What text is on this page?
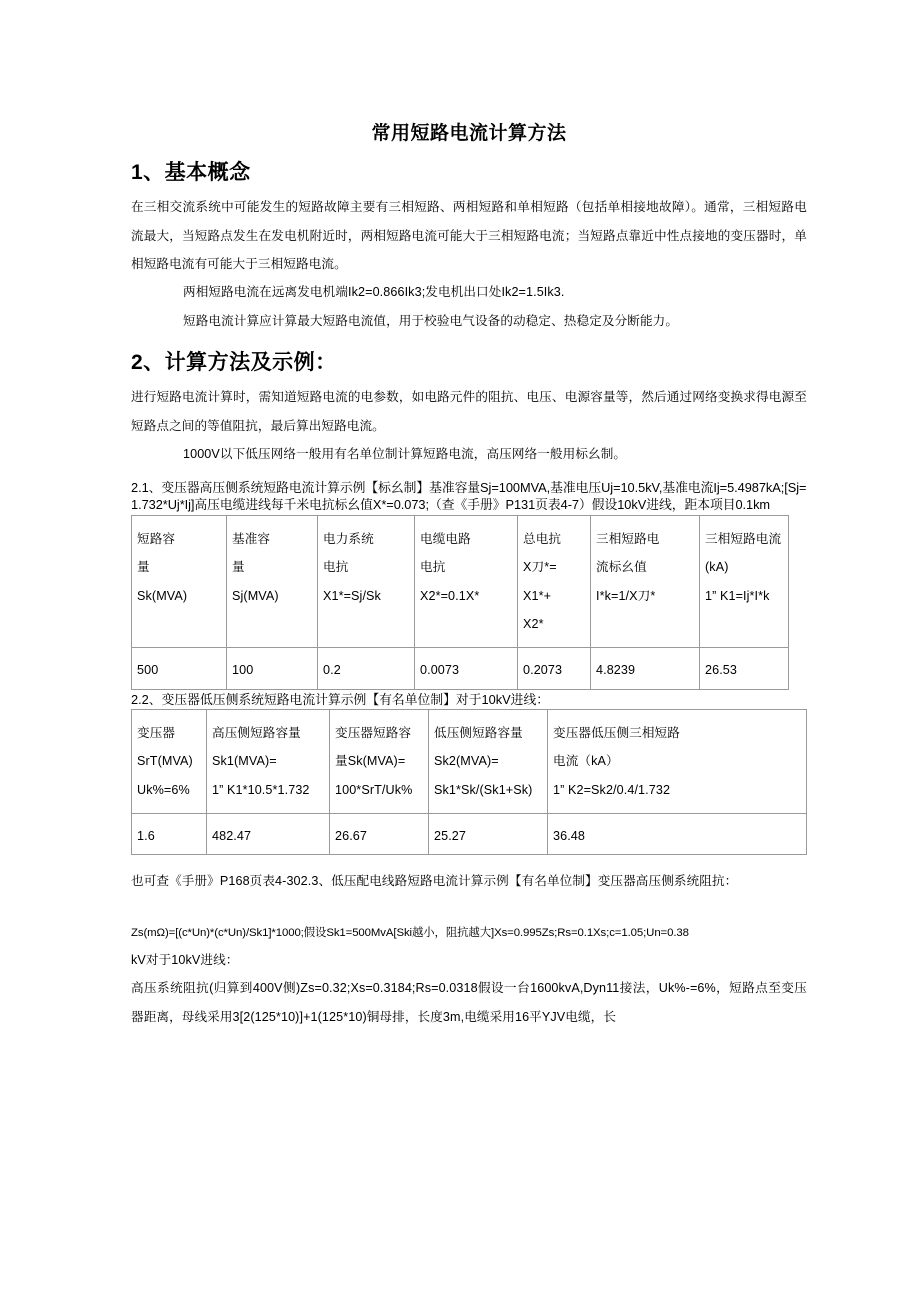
常用短路电流计算方法
1、基本概念

在三相交流系统中可能发生的短路故障主要有三相短路、两相短路和单相短路（包括单相接地故障）。通常，三相短路电流最大，当短路点发生在发电机附近时，两相短路电流可能大于三相短路电流；当短路点靠近中性点接地的变压器时，单相短路电流有可能大于三相短路电流。

两相短路电流在远离发电机端Ik2=0.866Ik3;发电机出口处Ik2=1.5Ik3.

短路电流计算应计算最大短路电流值，用于校验电气设备的动稳定、热稳定及分断能力。

2、计算方法及示例：

进行短路电流计算时，需知道短路电流的电参数，如电路元件的阻抗、电压、电源容量等，然后通过网络变换求得电源至短路点之间的等值阻抗，最后算出短路电流。

1000V以下低压网络一般用有名单位制计算短路电流，高压网络一般用标幺制。

2.1、变压器高压侧系统短路电流计算示例【标幺制】基准容量Sj=100MVA,基准电压Uj=10.5kV,基准电流Ij=5.4987kA;[Sj=1.732*Uj*Ij]高压电缆进线每千米电抗标幺值X*=0.073;（查《手册》P131页表4-7）假设10kV进线，距本项目0.1km

短路容
量
Sk(MVA)	基准容
量
Sj(MVA)	电力系统
电抗
X1*=Sj/Sk	电缆电路
电抗
X2*=0.1X*	总电抗
X刀*=
X1*+
X2*	三相短路电
流标幺值
I*k=1/X刀*	三相短路电流
(kA)
1” K1=Ij*I*k

500	100	0.2	0.0073	0.2073	4.8239	26.53

2.2、变压器低压侧系统短路电流计算示例【有名单位制】对于10kV进线：

变压器
SrT(MVA)
Uk%=6%	高压侧短路容量
Sk1(MVA)=
1” K1*10.5*1.732	变压器短路容
量Sk(MVA)=
100*SrT/Uk%	低压侧短路容量
Sk2(MVA)=
Sk1*Sk/(Sk1+Sk)	变压器低压侧三相短路
电流（kA）
1” K2=Sk2/0.4/1.732

1.6	482.47	26.67	25.27	36.48

也可查《手册》P168页表4-302.3、低压配电线路短路电流计算示例【有名单位制】变压器高压侧系统阻抗：

Zs(mΩ)=[(c*Un)*(c*Un)/Sk1]*1000;假设Sk1=500MvA[Ski越小，阻抗越大]Xs=0.995Zs;Rs=0.1Xs;c=1.05;Un=0.38

kV对于10kV进线：

高压系统阻抗(归算到400V侧)Zs=0.32;Xs=0.3184;Rs=0.0318假设一台1600kvA,Dyn11接法，Uk%-=6%，短路点至变压器距离，母线采用3[2(125*10)]+1(125*10)铜母排，长度3m,电缆采用16平YJV电缆，长
